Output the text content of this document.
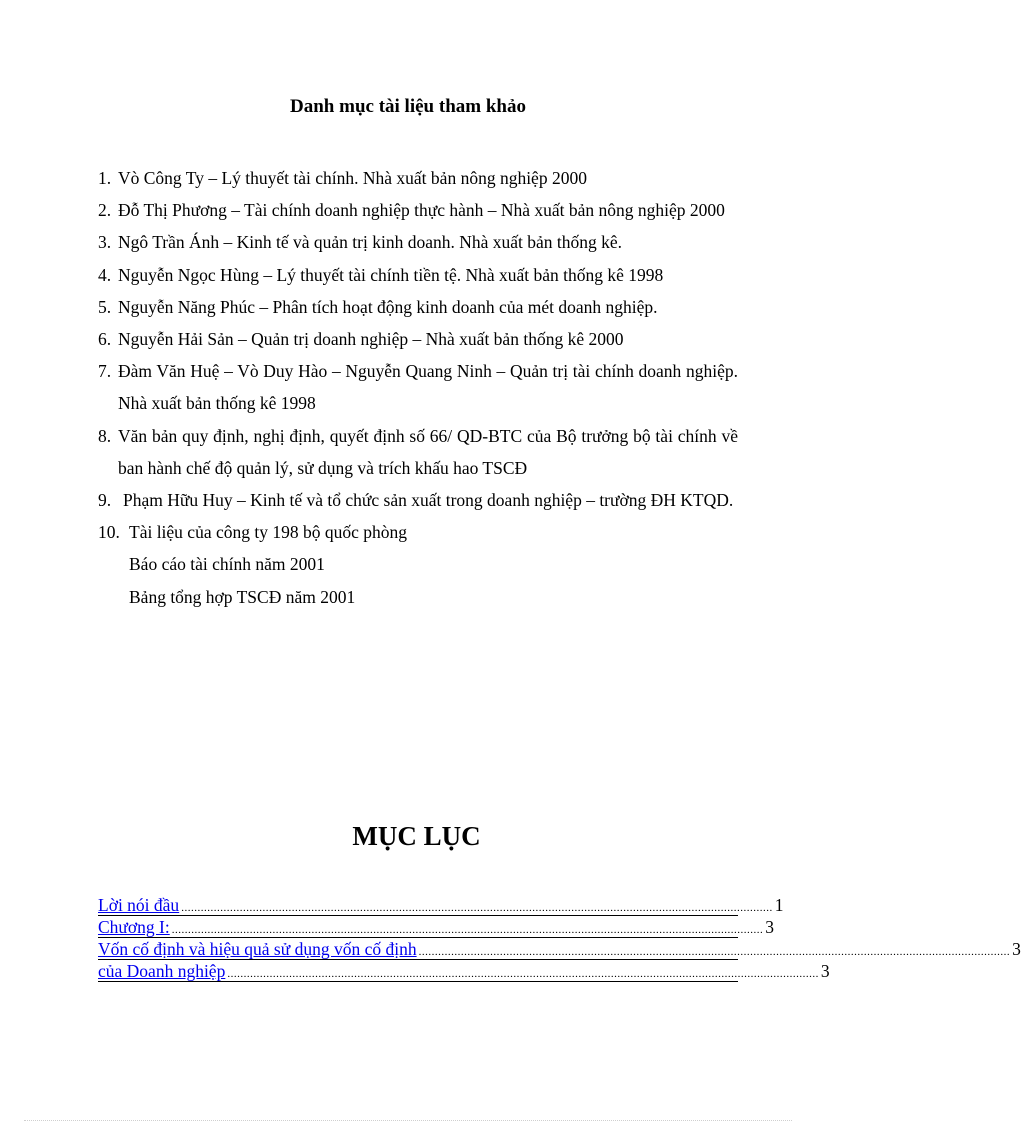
Danh mục tài liệu tham khảo
1. Vò Công Ty – Lý thuyết tài chính. Nhà xuất bản nông nghiệp 2000
2. Đỗ Thị Phương – Tài chính doanh nghiệp thực hành – Nhà xuất bản nông nghiệp 2000
3. Ngô Trần Ánh – Kinh tế và quản trị kinh doanh. Nhà xuất bản thống kê.
4. Nguyễn Ngọc Hùng – Lý thuyết tài chính tiền tệ. Nhà xuất bản thống kê 1998
5. Nguyễn Năng Phúc – Phân tích hoạt động kinh doanh của mét doanh nghiệp.
6. Nguyễn Hải Sản – Quản trị doanh nghiệp – Nhà xuất bản thống kê 2000
7. Đàm Văn Huệ – Vò Duy Hào – Nguyễn Quang Ninh – Quản trị tài chính doanh nghiệp. Nhà xuất bản thống kê 1998
8. Văn bản quy định, nghị định, quyết định số 66/ QD-BTC của Bộ trưởng bộ tài chính về ban hành chế độ quản lý, sử dụng và trích khấu hao TSCĐ
9. Phạm Hữu Huy – Kinh tế và tổ chức sản xuất trong doanh nghiệp – trường ĐH KTQD.
10. Tài liệu của công ty 198 bộ quốc phòng
Báo cáo tài chính năm 2001
Bảng tổng hợp TSCĐ năm 2001
MỤC LỤC
Lời nói đầu ...................................................................................................................................................................................... 1
Chương I: ...................................................................................................................................................................................... 3
Vốn cố định và hiệu quả sử dụng vốn cố định ...................................................................................................................................................................................... 3
của Doanh nghiệp ...................................................................................................................................................................................... 3
